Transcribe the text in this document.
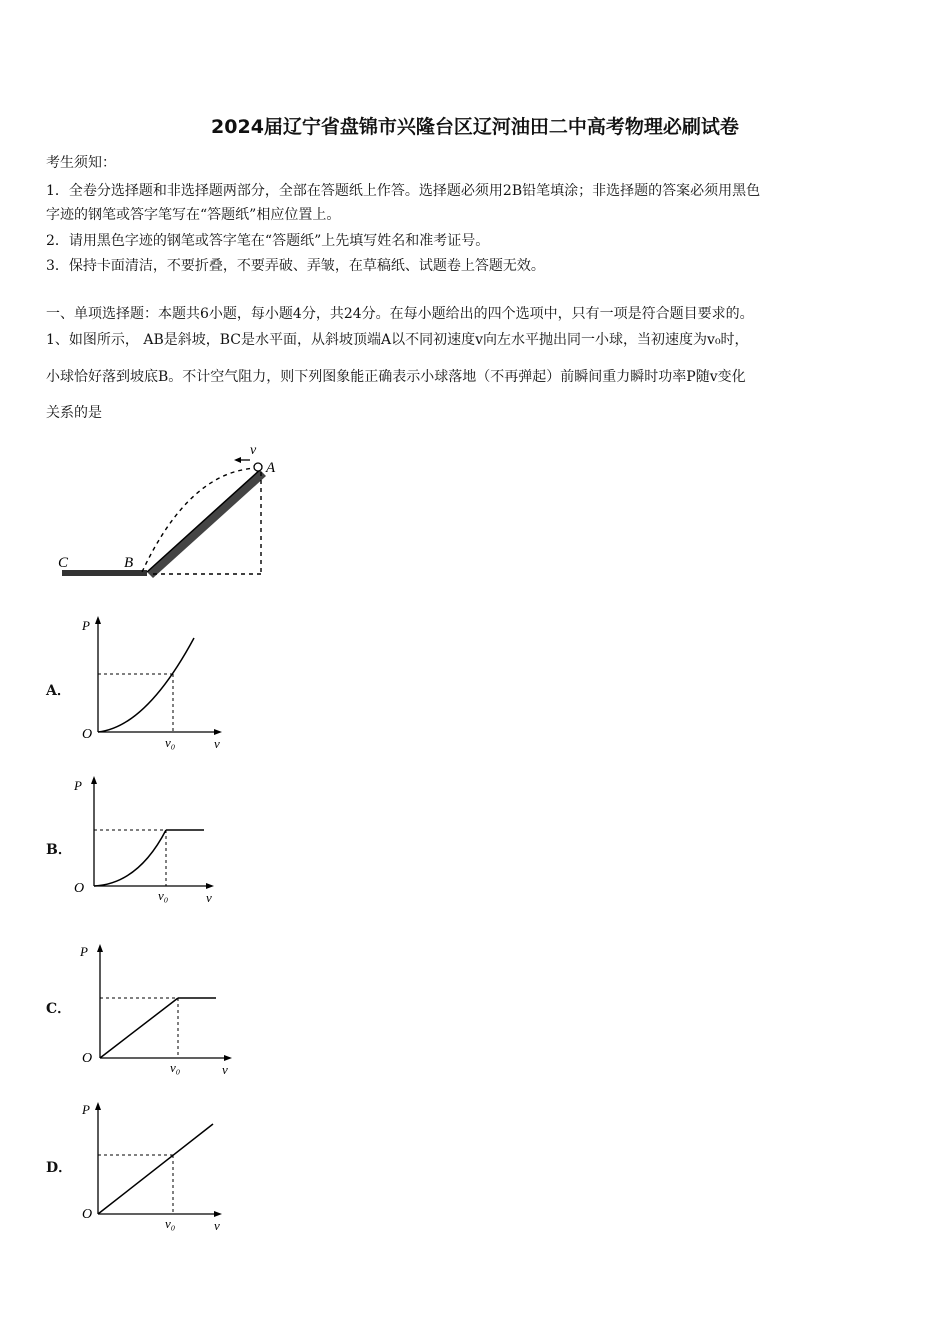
2024届辽宁省盘锦市兴隆台区辽河油田二中高考物理必刷试卷
考生须知：
1．全卷分选择题和非选择题两部分，全部在答题纸上作答。选择题必须用2B铅笔填涂；非选择题的答案必须用黑色
字迹的钢笔或答字笔写在“答题纸”相应位置上。
2．请用黑色字迹的钢笔或答字笔在“答题纸”上先填写姓名和准考证号。
3．保持卡面清洁，不要折叠，不要弄破、弄皱，在草稿纸、试题卷上答题无效。
一、单项选择题：本题共6小题，每小题4分，共24分。在每小题给出的四个选项中，只有一项是符合题目要求的。
1、如图所示， AB是斜坡，BC是水平面，从斜坡顶端A以不同初速度v向左水平抛出同一小球，当初速度为v₀时，
小球恰好落到坡底B。不计空气阻力，则下列图象能正确表示小球落地（不再弹起）前瞬间重力瞬时功率P随v变化
关系的是
v
A
B
C
A．
P
O
v₀	v
B．
P
O	v₀	v
C．
P
O
v₀	v
D．
P
O
v₀	v
